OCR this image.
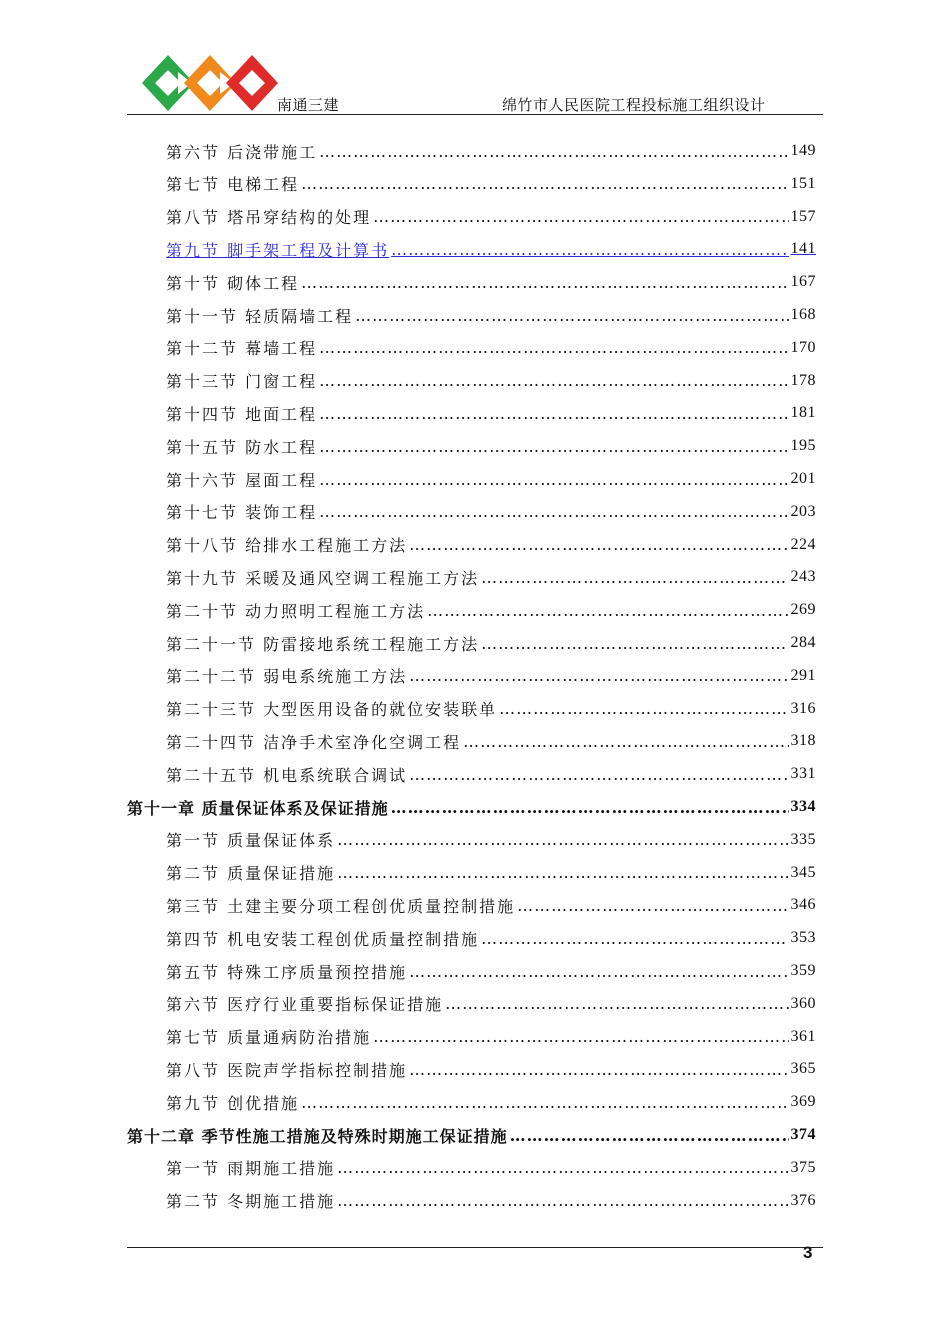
南通三建	绵竹市人民医院工程投标施工组织设计
第六节 后浇带施工 …………………………………………………………………………………………………………………………………………………………………………………………	149
第七节 电梯工程 …………………………………………………………………………………………………………………………………………………………………………………………	151
第八节 塔吊穿结构的处理 …………………………………………………………………………………………………………………………………………………………………………………………	157
第九节 脚手架工程及计算书 …………………………………………………………………………………………………………………………………………………………………………………………	141
第十节 砌体工程 …………………………………………………………………………………………………………………………………………………………………………………………	167
第十一节 轻质隔墙工程 …………………………………………………………………………………………………………………………………………………………………………………………	168
第十二节 幕墙工程 …………………………………………………………………………………………………………………………………………………………………………………………	170
第十三节 门窗工程 …………………………………………………………………………………………………………………………………………………………………………………………	178
第十四节 地面工程 …………………………………………………………………………………………………………………………………………………………………………………………	181
第十五节 防水工程 …………………………………………………………………………………………………………………………………………………………………………………………	195
第十六节 屋面工程 …………………………………………………………………………………………………………………………………………………………………………………………	201
第十七节 装饰工程 …………………………………………………………………………………………………………………………………………………………………………………………	203
第十八节 给排水工程施工方法 …………………………………………………………………………………………………………………………………………………………………………………………	224
第十九节 采暖及通风空调工程施工方法 …………………………………………………………………………………………………………………………………………………………………………………………	243
第二十节 动力照明工程施工方法 …………………………………………………………………………………………………………………………………………………………………………………………	269
第二十一节 防雷接地系统工程施工方法 …………………………………………………………………………………………………………………………………………………………………………………………	284
第二十二节 弱电系统施工方法 …………………………………………………………………………………………………………………………………………………………………………………………	291
第二十三节 大型医用设备的就位安装联单 …………………………………………………………………………………………………………………………………………………………………………………………	316
第二十四节 洁净手术室净化空调工程 …………………………………………………………………………………………………………………………………………………………………………………………	318
第二十五节 机电系统联合调试 …………………………………………………………………………………………………………………………………………………………………………………………	331
第十一章 质量保证体系及保证措施 …………………………………………………………………………………………………………………………………………………………………………………………	334
第一节 质量保证体系 …………………………………………………………………………………………………………………………………………………………………………………………	335
第二节 质量保证措施 …………………………………………………………………………………………………………………………………………………………………………………………	345
第三节 土建主要分项工程创优质量控制措施 …………………………………………………………………………………………………………………………………………………………………………………………	346
第四节 机电安装工程创优质量控制措施 …………………………………………………………………………………………………………………………………………………………………………………………	353
第五节 特殊工序质量预控措施 …………………………………………………………………………………………………………………………………………………………………………………………	359
第六节 医疗行业重要指标保证措施 …………………………………………………………………………………………………………………………………………………………………………………………	360
第七节 质量通病防治措施 …………………………………………………………………………………………………………………………………………………………………………………………	361
第八节 医院声学指标控制措施 …………………………………………………………………………………………………………………………………………………………………………………………	365
第九节 创优措施 …………………………………………………………………………………………………………………………………………………………………………………………	369
第十二章 季节性施工措施及特殊时期施工保证措施 …………………………………………………………………………………………………………………………………………………………………………………………	374
第一节 雨期施工措施 …………………………………………………………………………………………………………………………………………………………………………………………	375
第二节 冬期施工措施 …………………………………………………………………………………………………………………………………………………………………………………………	376
3
